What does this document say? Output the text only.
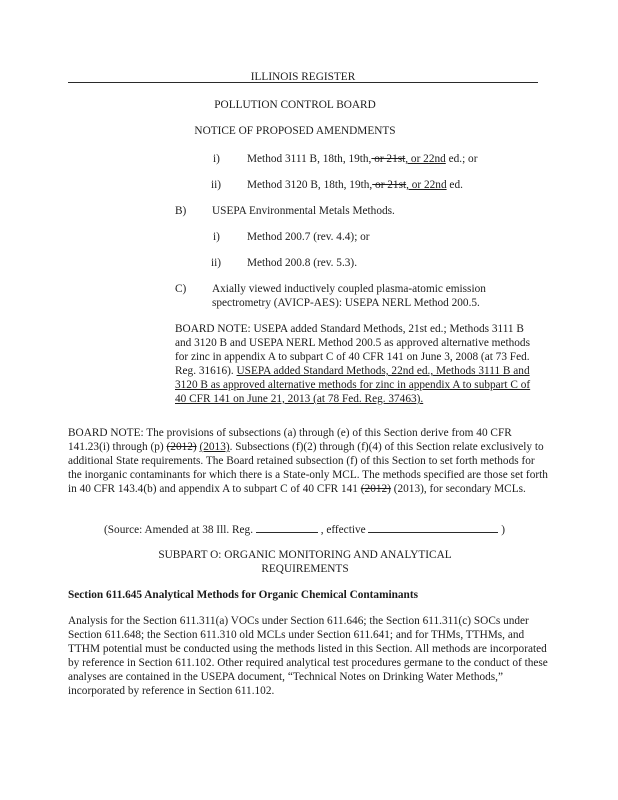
ILLINOIS REGISTER

POLLUTION CONTROL BOARD

NOTICE OF PROPOSED AMENDMENTS

i) Method 3111 B, 18th, 19th, or 21st, or 22nd ed.; or

ii) Method 3120 B, 18th, 19th, or 21st, or 22nd ed.

B) USEPA Environmental Metals Methods.

i) Method 200.7 (rev. 4.4); or

ii) Method 200.8 (rev. 5.3).

C) Axially viewed inductively coupled plasma-atomic emission spectrometry (AVICP-AES): USEPA NERL Method 200.5.

BOARD NOTE: USEPA added Standard Methods, 21st ed.; Methods 3111 B and 3120 B and USEPA NERL Method 200.5 as approved alternative methods for zinc in appendix A to subpart C of 40 CFR 141 on June 3, 2008 (at 73 Fed. Reg. 31616). USEPA added Standard Methods, 22nd ed., Methods 3111 B and 3120 B as approved alternative methods for zinc in appendix A to subpart C of 40 CFR 141 on June 21, 2013 (at 78 Fed. Reg. 37463).

BOARD NOTE: The provisions of subsections (a) through (e) of this Section derive from 40 CFR 141.23(i) through (p) (2012) (2013). Subsections (f)(2) through (f)(4) of this Section relate exclusively to additional State requirements. The Board retained subsection (f) of this Section to set forth methods for the inorganic contaminants for which there is a State-only MCL. The methods specified are those set forth in 40 CFR 143.4(b) and appendix A to subpart C of 40 CFR 141 (2012) (2013), for secondary MCLs.

(Source: Amended at 38 Ill. Reg.	, effective	)

SUBPART O: ORGANIC MONITORING AND ANALYTICAL

REQUIREMENTS

Section 611.645 Analytical Methods for Organic Chemical Contaminants

Analysis for the Section 611.311(a) VOCs under Section 611.646; the Section 611.311(c) SOCs under Section 611.648; the Section 611.310 old MCLs under Section 611.641; and for THMs, TTHMs, and TTHM potential must be conducted using the methods listed in this Section. All methods are incorporated by reference in Section 611.102. Other required analytical test procedures germane to the conduct of these analyses are contained in the USEPA document, “Technical Notes on Drinking Water Methods,” incorporated by reference in Section 611.102.
